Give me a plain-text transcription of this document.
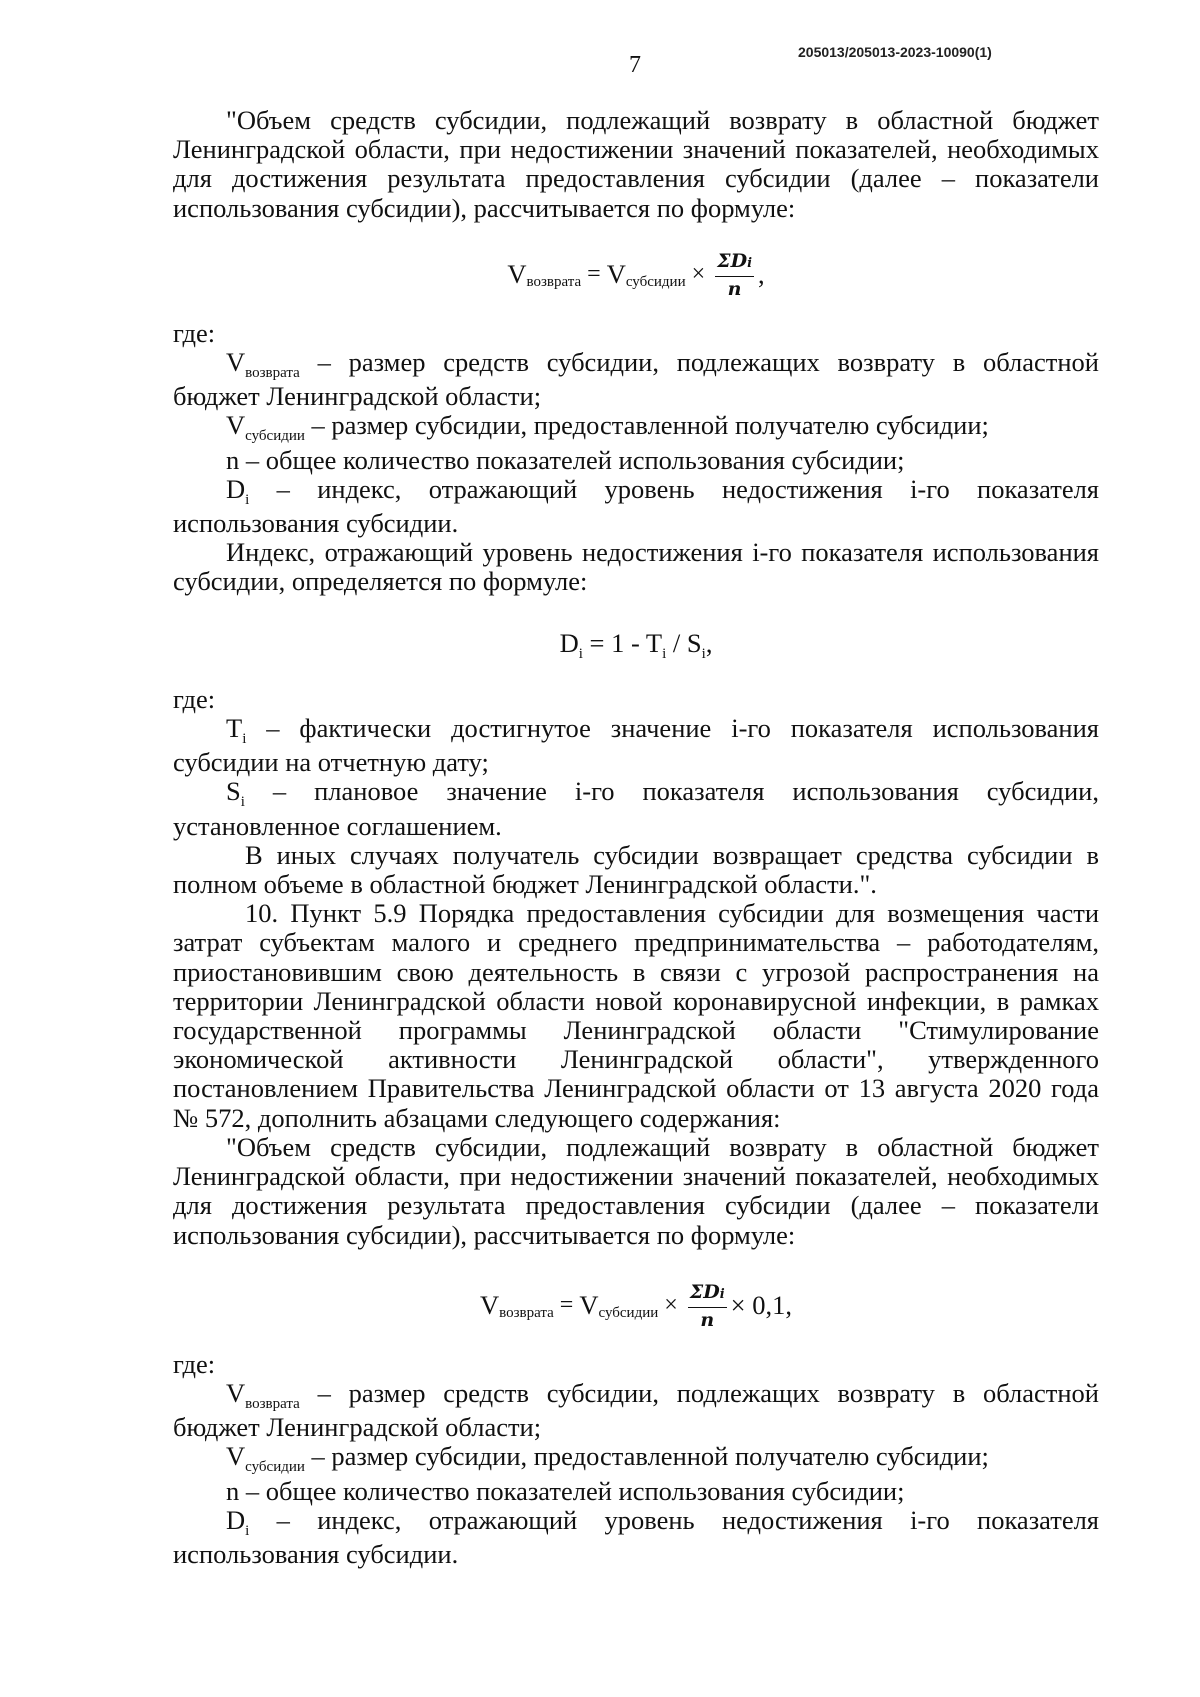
7	205013/205013-2023-10090(1)

"Объем средств субсидии, подлежащий возврату в областной бюджет Ленинградской области, при недостижении значений показателей, необходимых для достижения результата предоставления субсидии (далее – показатели использования субсидии), рассчитывается по формуле:

V возврата = V субсидии × $\frac{\text{ΣDi}}{n}$ ,

где:

$V_{возврата}$ – размер средств субсидии, подлежащих возврату в областной бюджет Ленинградской области;

$V_{субсидии}$ – размер субсидии, предоставленной получателю субсидии;

n – общее количество показателей использования субсидии;

$D_i$ – индекс, отражающий уровень недостижения i-го показателя использования субсидии.

Индекс, отражающий уровень недостижения i-го показателя использования субсидии, определяется по формуле:

$D_i = 1 - T_i / S_i$,

где:

$T_i$ – фактически достигнутое значение i-го показателя использования субсидии на отчетную дату;

$S_i$ – плановое значение i-го показателя использования субсидии, установленное соглашением.

В иных случаях получатель субсидии возвращает средства субсидии в полном объеме в областной бюджет Ленинградской области.".

10. Пункт 5.9 Порядка предоставления субсидии для возмещения части затрат субъектам малого и среднего предпринимательства – работодателям, приостановившим свою деятельность в связи с угрозой распространения на территории Ленинградской области новой коронавирусной инфекции, в рамках государственной программы Ленинградской области "Стимулирование экономической активности Ленинградской области", утвержденного постановлением Правительства Ленинградской области от 13 августа 2020 года № 572, дополнить абзацами следующего содержания:

"Объем средств субсидии, подлежащий возврату в областной бюджет Ленинградской области, при недостижении значений показателей, необходимых для достижения результата предоставления субсидии (далее – показатели использования субсидии), рассчитывается по формуле:

V возврата = V субсидии × $\frac{\text{ΣDi}}{n} \times 0,1$,

где:

$V_{возврата}$ – размер средств субсидии, подлежащих возврату в областной бюджет Ленинградской области;

$V_{субсидии}$ – размер субсидии, предоставленной получателю субсидии;

n – общее количество показателей использования субсидии;

$D_i$ – индекс, отражающий уровень недостижения i-го показателя использования субсидии.
